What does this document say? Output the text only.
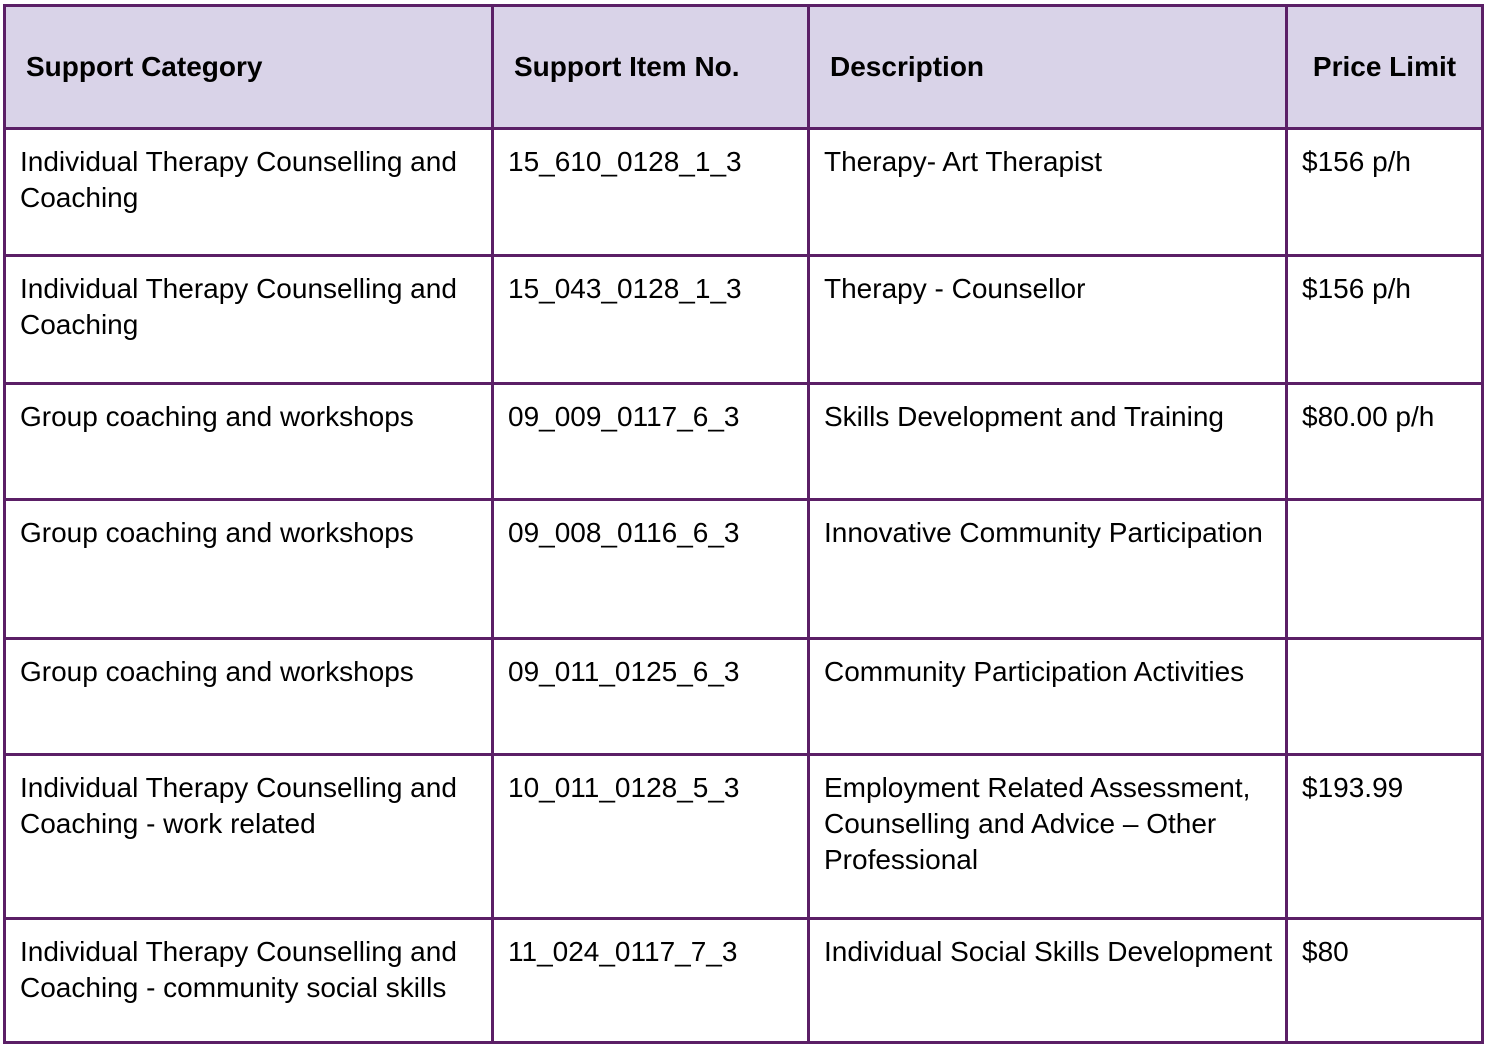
Support Category	Support Item No.	Description	Price Limit
Individual Therapy Counselling and Coaching	15_610_0128_1_3	Therapy- Art Therapist	$156 p/h
Individual Therapy Counselling and Coaching	15_043_0128_1_3	Therapy - Counsellor	$156 p/h
Group coaching and workshops	09_009_0117_6_3	Skills Development and Training	$80.00 p/h
Group coaching and workshops	09_008_0116_6_3	Innovative Community Participation	
Group coaching and workshops	09_011_0125_6_3	Community Participation Activities	
Individual Therapy Counselling and Coaching - work related	10_011_0128_5_3	Employment Related Assessment, Counselling and Advice – Other Professional	$193.99
Individual Therapy Counselling and Coaching - community social skills	11_024_0117_7_3	Individual Social Skills Development	$80
